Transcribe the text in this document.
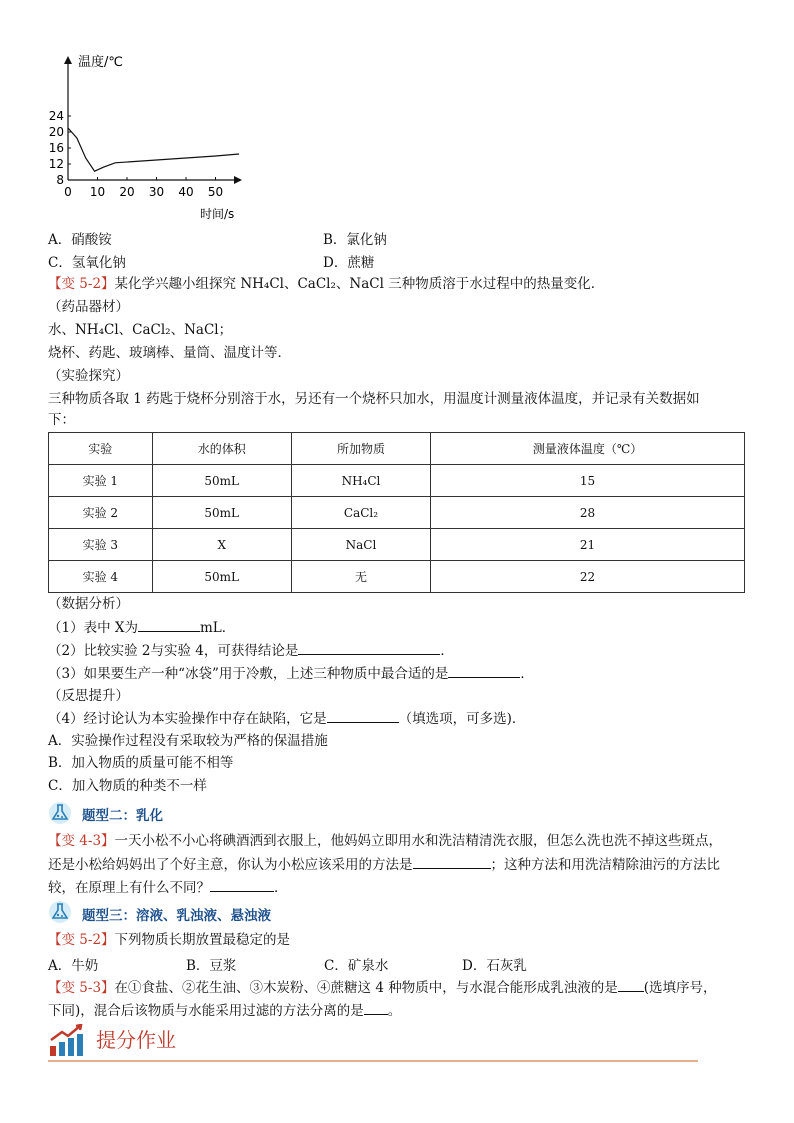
0 10 20 30 40 50
8
12
16
20
24
温度/℃
时间/s
A．硝酸铵	B．氯化钠
C．氢氧化钠	D．蔗糖
【变 5-2】某化学兴趣小组探究 NH₄Cl、CaCl₂、NaCl 三种物质溶于水过程中的热量变化．
（药品器材）
水、NH₄Cl、CaCl₂、NaCl；
烧杯、药匙、玻璃棒、量筒、温度计等．
（实验探究）
三种物质各取 1 药匙于烧杯分别溶于水，另还有一个烧杯只加水，用温度计测量液体温度，并记录有关数据如
下：
实验	水的体积	所加物质	测量液体温度（℃）
实验 1	50mL	NH₄Cl	15
实验 2	50mL	CaCl₂	28
实验 3	X	NaCl	21
实验 4	50mL	无	22
（数据分析）
（1）表中 X为	mL．
（2）比较实验 2与实验 4，可获得结论是	．
（3）如果要生产一种“冰袋”用于冷敷，上述三种物质中最合适的是	．
（反思提升）
（4）经讨论认为本实验操作中存在缺陷，它是	（填选项，可多选)．
A．实验操作过程没有采取较为严格的保温措施
B．加入物质的质量可能不相等
C．加入物质的种类不一样
题型二：乳化
【变 4-3】一天小松不小心将碘酒洒到衣服上，他妈妈立即用水和洗洁精清洗衣服，但怎么洗也洗不掉这些斑点，
还是小松给妈妈出了个好主意，你认为小松应该采用的方法是	；这种方法和用洗洁精除油污的方法比
较，在原理上有什么不同？	．
题型三：溶液、乳浊液、悬浊液
【变 5-2】下列物质长期放置最稳定的是
A．牛奶	B．豆浆	C．矿泉水	D．石灰乳
【变 5-3】在①食盐、②花生油、③木炭粉、④蔗糖这 4 种物质中，与水混合能形成乳浊液的是 (选填序号，
下同)，混合后该物质与水能采用过滤的方法分离的是 。
提分作业
